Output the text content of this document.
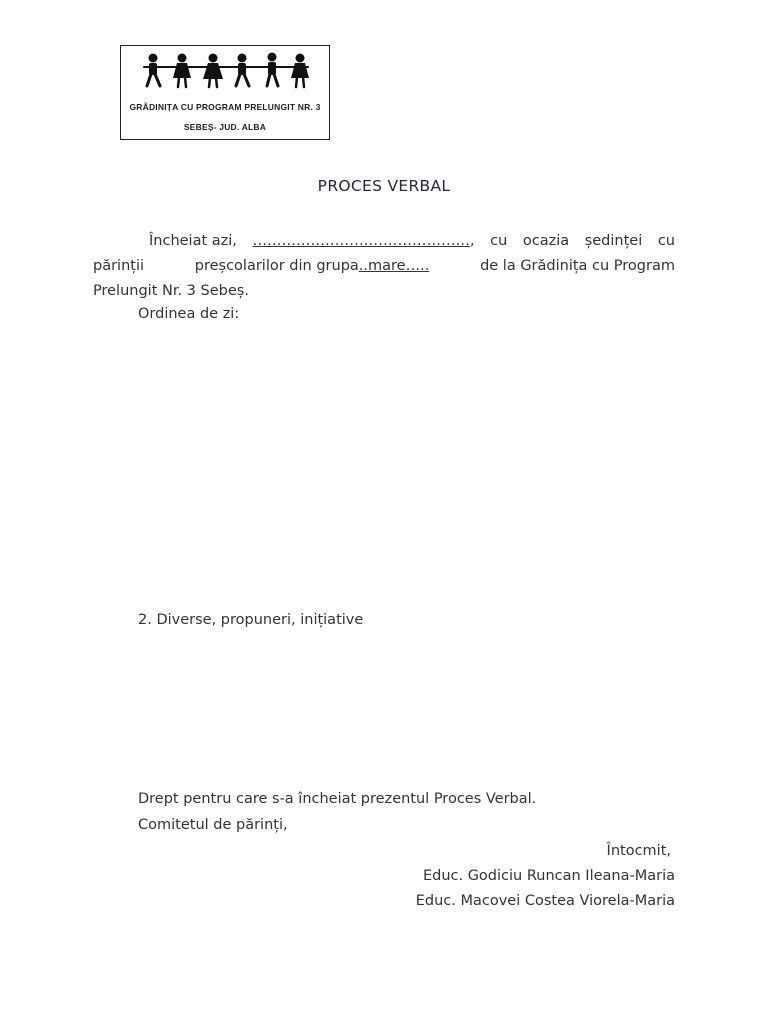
GRĂDINIȚA CU PROGRAM PRELUNGIT NR. 3
SEBEȘ- JUD. ALBA
PROCES VERBAL
Încheiat azi, ………………………………………, cu ocazia ședinței cu
părinții	preșcolarilor din grupa..mare…..	de la Grădinița cu Program
Prelungit Nr. 3 Sebeș.
Ordinea de zi:
2. Diverse, propuneri, inițiative
Drept pentru care s-a încheiat prezentul Proces Verbal.
Comitetul de părinți,
Întocmit,
Educ. Godiciu Runcan Ileana-Maria
Educ. Macovei Costea Viorela-Maria
